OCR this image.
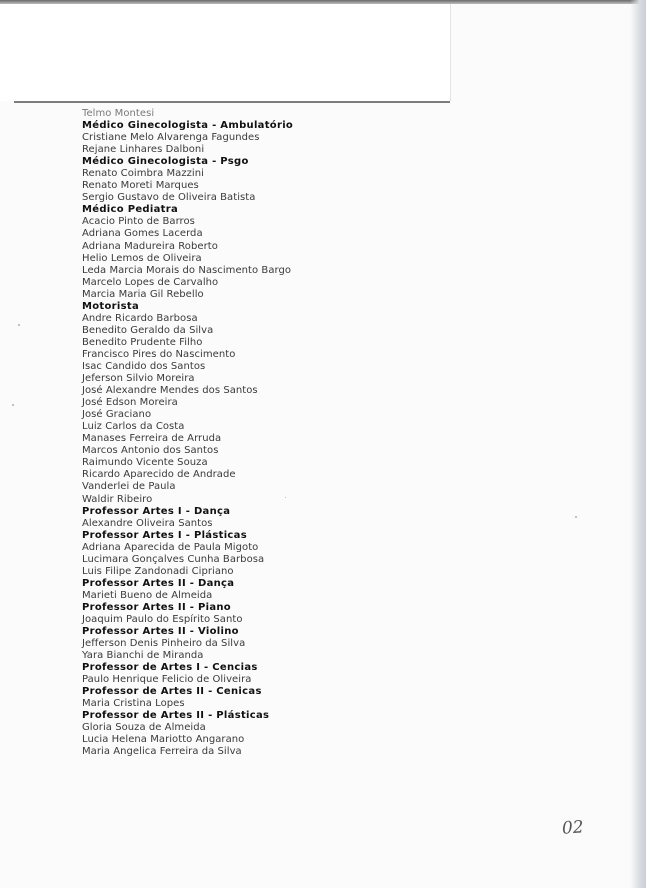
Telmo Montesi
Médico Ginecologista - Ambulatório
Cristiane Melo Alvarenga Fagundes
Rejane Linhares Dalboni
Médico Ginecologista - Psgo
Renato Coimbra Mazzini
Renato Moreti Marques
Sergio Gustavo de Oliveira Batista
Médico Pediatra
Acacio Pinto de Barros
Adriana Gomes Lacerda
Adriana Madureira Roberto
Helio Lemos de Oliveira
Leda Marcia Morais do Nascimento Bargo
Marcelo Lopes de Carvalho
Marcia Maria Gil Rebello
Motorista
Andre Ricardo Barbosa
Benedito Geraldo da Silva
Benedito Prudente Filho
Francisco Pires do Nascimento
Isac Candido dos Santos
Jeferson Silvio Moreira
José Alexandre Mendes dos Santos
José Edson Moreira
José Graciano
Luiz Carlos da Costa
Manases Ferreira de Arruda
Marcos Antonio dos Santos
Raimundo Vicente Souza
Ricardo Aparecido de Andrade
Vanderlei de Paula
Waldir Ribeiro
Professor Artes I - Dança
Alexandre Oliveira Santos
Professor Artes I - Plásticas
Adriana Aparecida de Paula Migoto
Lucimara Gonçalves Cunha Barbosa
Luis Filipe Zandonadi Cipriano
Professor Artes II - Dança
Marieti Bueno de Almeida
Professor Artes II - Piano
Joaquim Paulo do Espírito Santo
Professor Artes II - Violino
Jefferson Denis Pinheiro da Silva
Yara Bianchi de Miranda
Professor de Artes I - Cencias
Paulo Henrique Felicio de Oliveira
Professor de Artes II - Cenicas
Maria Cristina Lopes
Professor de Artes II - Plásticas
Gloria Souza de Almeida
Lucia Helena Mariotto Angarano
Maria Angelica Ferreira da Silva
02
